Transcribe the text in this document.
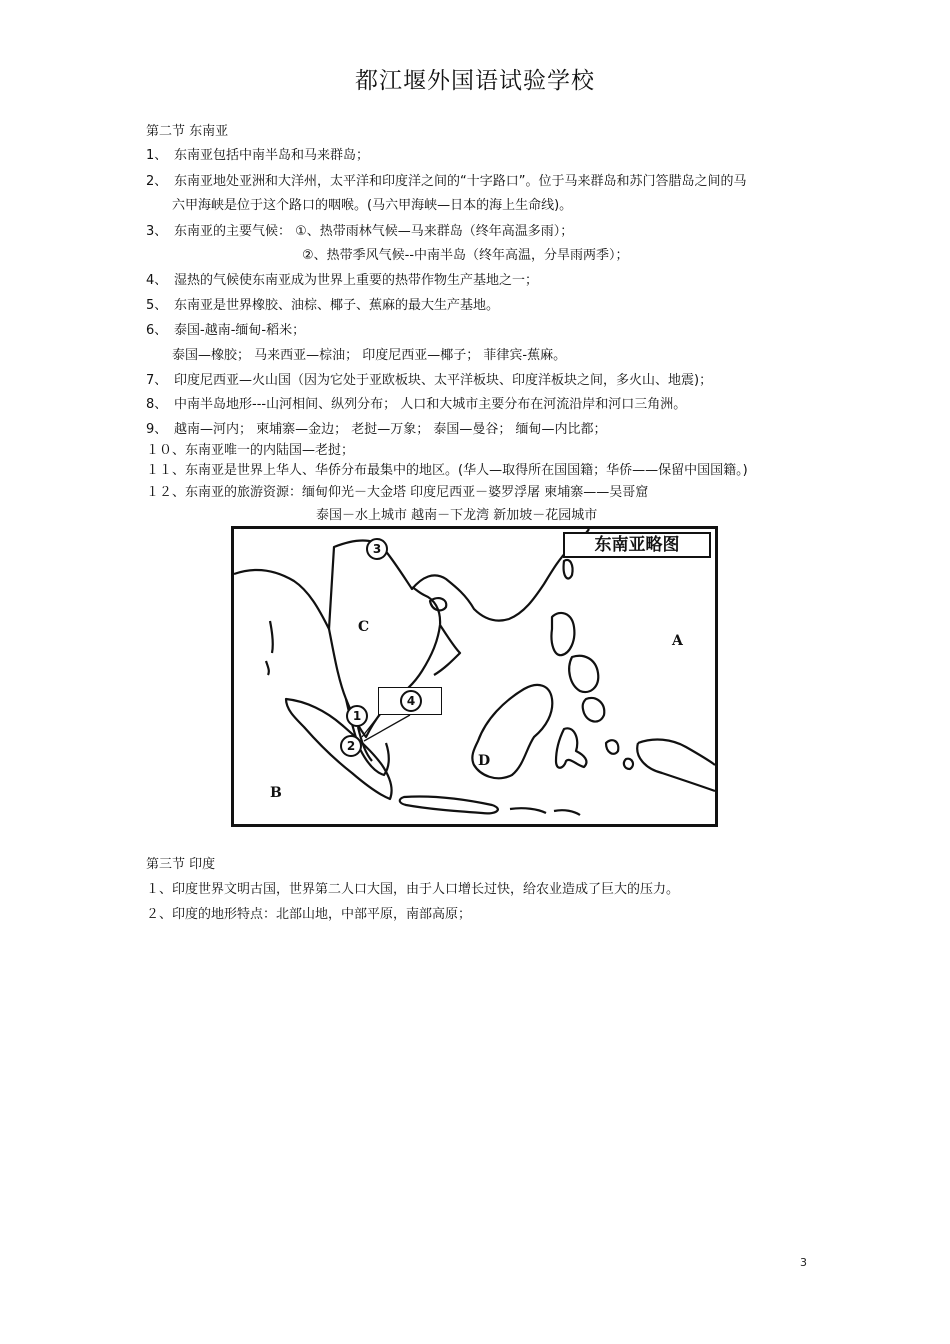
都江堰外国语试验学校
第二节 东南亚
1、 东南亚包括中南半岛和马来群岛；
2、 东南亚地处亚洲和大洋州，太平洋和印度洋之间的“十字路口”。位于马来群岛和苏门答腊岛之间的马
六甲海峡是位于这个路口的咽喉。(马六甲海峡—日本的海上生命线)。
3、 东南亚的主要气候： ①、热带雨林气候—马来群岛（终年高温多雨）；
②、热带季风气候--中南半岛（终年高温，分旱雨两季）；
4、 湿热的气候使东南亚成为世界上重要的热带作物生产基地之一；
5、 东南亚是世界橡胶、油棕、椰子、蕉麻的最大生产基地。
6、 泰国-越南-缅甸-稻米；
泰国—橡胶； 马来西亚—棕油； 印度尼西亚—椰子； 菲律宾-蕉麻。
7、 印度尼西亚—火山国（因为它处于亚欧板块、太平洋板块、印度洋板块之间，多火山、地震)；
8、 中南半岛地形---山河相间、纵列分布； 人口和大城市主要分布在河流沿岸和河口三角洲。
9、 越南—河内； 柬埔寨—金边； 老挝—万象； 泰国—曼谷； 缅甸—内比都；
１０、东南亚唯一的内陆国—老挝；
１１、东南亚是世界上华人、华侨分布最集中的地区。(华人—取得所在国国籍；华侨——保留中国国籍。)
１２、东南亚的旅游资源：缅甸仰光－大金塔 印度尼西亚－婆罗浮屠 柬埔寨——吴哥窟
泰国－水上城市 越南－下龙湾 新加坡－花园城市
东南亚略图
A
B
C
D
3
4
1
2
第三节 印度
１、印度世界文明古国，世界第二人口大国，由于人口增长过快，给农业造成了巨大的压力。
２、印度的地形特点：北部山地，中部平原，南部高原；
3
